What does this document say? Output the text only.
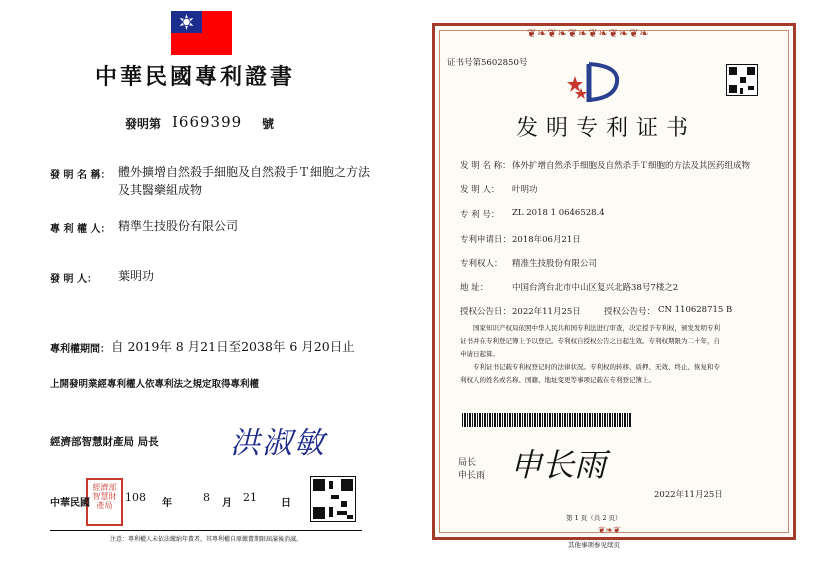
中華民國專利證書
發明第 I669399 號
發 明 名 稱： 體外擴增自然殺手細胞及自然殺手Ｔ細胞之方法
及其醫藥組成物
專 利 權 人： 精準生技股份有限公司
發 明 人： 葉明功
專利權期間： 自 2019年 8 月21日至2038年 6 月20日止
上開發明業經專利權人依專利法之規定取得專利權
經濟部智慧財產局 局長 洪淑敏
經濟部
智慧財
產局
中華民國	108 年	8 月 21 日
注意：專利權人未依法繳納年費者，其專利權自原繳費期限屆滿後消滅。
❦❧❦❧❦❧❦❧❦❧❦❧
证书号第5602850号
发明专利证书
发 明 名 称： 体外扩增自然杀手细胞及自然杀手Ｔ细胞的方法及其医药组成物
发 明 人： 叶明功
专 利 号： ZL 2018 1 0646528.4
专利申请日： 2018年06月21日
专利权人： 精准生技股份有限公司
地 址：	中国台湾台北市中山区复兴北路38号7楼之2
授权公告日： 2022年11月25日	授权公告号： CN 110628715 B
国家知识产权局依照中华人民共和国专利法进行审查，决定授予专利权，颁发发明专利
证书并在专利登记簿上予以登记。专利权自授权公告之日起生效。专利权期限为二十年，自
申请日起算。
专利证书记载专利权登记时的法律状况。专利权的转移、质押、无效、终止、恢复和专
利权人的姓名或名称、国籍、地址变更等事项记载在专利登记簿上。
局长
申长雨 申长雨
2022年11月25日
第 1 页（共 2 页）
❦❧❦
其他事项参见续页
